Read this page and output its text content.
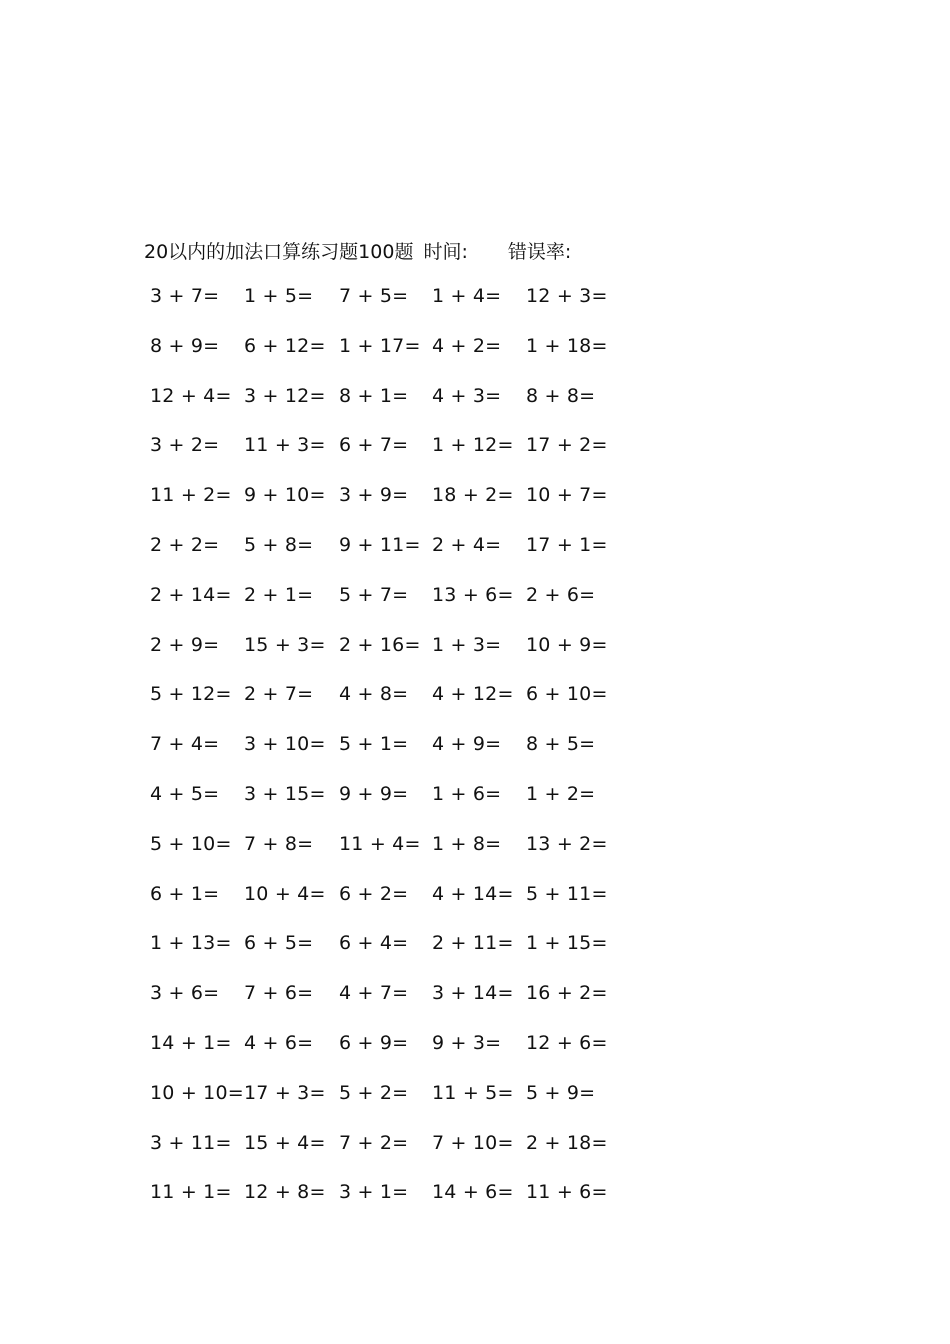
20以内的加法口算练习题100题 时间: 错误率:
3 + 7= 1 + 5= 7 + 5= 1 + 4= 12 + 3=
8 + 9= 6 + 12= 1 + 17= 4 + 2= 1 + 18=
12 + 4= 3 + 12= 8 + 1= 4 + 3= 8 + 8=
3 + 2= 11 + 3= 6 + 7= 1 + 12= 17 + 2=
11 + 2= 9 + 10= 3 + 9= 18 + 2= 10 + 7=
2 + 2= 5 + 8= 9 + 11= 2 + 4= 17 + 1=
2 + 14= 2 + 1= 5 + 7= 13 + 6= 2 + 6=
2 + 9= 15 + 3= 2 + 16= 1 + 3= 10 + 9=
5 + 12= 2 + 7= 4 + 8= 4 + 12= 6 + 10=
7 + 4= 3 + 10= 5 + 1= 4 + 9= 8 + 5=
4 + 5= 3 + 15= 9 + 9= 1 + 6= 1 + 2=
5 + 10= 7 + 8= 11 + 4= 1 + 8= 13 + 2=
6 + 1= 10 + 4= 6 + 2= 4 + 14= 5 + 11=
1 + 13= 6 + 5= 6 + 4= 2 + 11= 1 + 15=
3 + 6= 7 + 6= 4 + 7= 3 + 14= 16 + 2=
14 + 1= 4 + 6= 6 + 9= 9 + 3= 12 + 6=
10 + 10= 17 + 3= 5 + 2= 11 + 5= 5 + 9=
3 + 11= 15 + 4= 7 + 2= 7 + 10= 2 + 18=
11 + 1= 12 + 8= 3 + 1= 14 + 6= 11 + 6=
